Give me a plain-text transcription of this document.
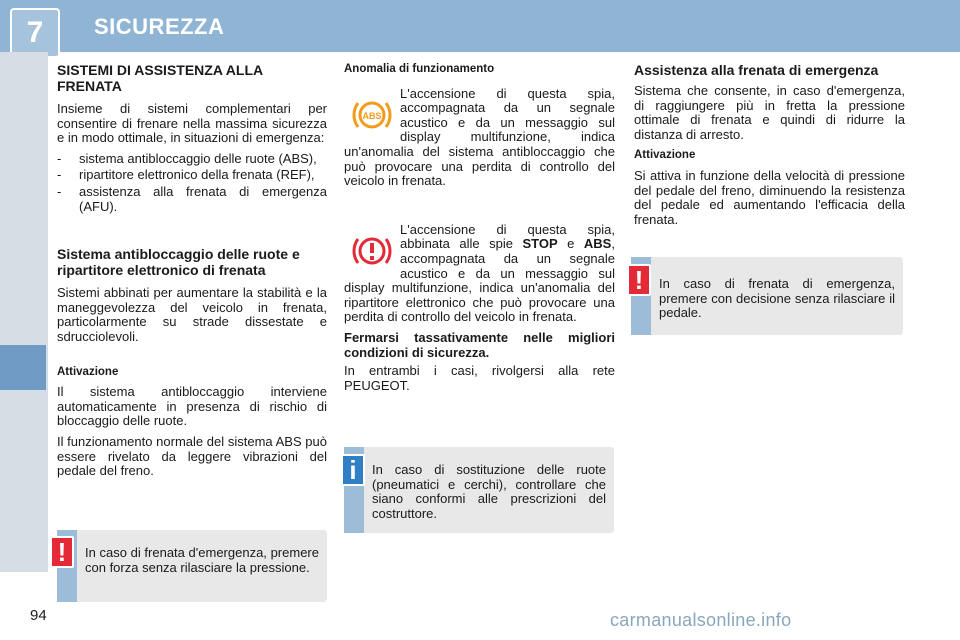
7	SICUREZZA
SISTEMI DI ASSISTENZA ALLA FRENATA

Insieme di sistemi complementari per consentire di frenare nella massima sicurezza e in modo ottimale, in situazioni di emergenza:

- sistema antibloccaggio delle ruote (ABS),
- ripartitore elettronico della frenata (REF),
- assistenza alla frenata di emergenza (AFU).
Sistema antibloccaggio delle ruote e ripartitore elettronico di frenata

Sistemi abbinati per aumentare la stabilità e la maneggevolezza del veicolo in frenata, particolarmente su strade dissestate e sdrucciolevoli.

Attivazione

Il sistema antibloccaggio interviene automaticamente in presenza di rischio di bloccaggio delle ruote.

Il funzionamento normale del sistema ABS può essere rivelato da leggere vibrazioni del pedale del freno.

Anomalia di funzionamento
ABS

L'accensione di questa spia, accompagnata da un segnale acustico e da un messaggio sul display multifunzione, indica un'anomalia del sistema antibloccaggio che può provocare una perdita di controllo del veicolo in frenata.

L'accensione di questa spia, abbinata alle spie STOP e ABS, accompagnata da un segnale acustico e da un messaggio sul display multifunzione, indica un'anomalia del ripartitore elettronico che può provocare una perdita di controllo del veicolo in frenata.

Fermarsi tassativamente nelle migliori condizioni di sicurezza.

In entrambi i casi, rivolgersi alla rete PEUGEOT.

Assistenza alla frenata di emergenza

Sistema che consente, in caso d'emergenza, di raggiungere più in fretta la pressione ottimale di frenata e quindi di ridurre la distanza di arresto.

Attivazione

Si attiva in funzione della velocità di pressione del pedale del freno, diminuendo la resistenza del pedale ed aumentando l'efficacia della frenata.

In caso di frenata d'emergenza, premere con forza senza rilasciare la pressione.
!
In caso di sostituzione delle ruote (pneumatici e cerchi), controllare che siano conformi alle prescrizioni del costruttore.
i
In caso di frenata di emergenza, premere con decisione senza rilasciare il pedale.
!
94	carmanualsonline.info
